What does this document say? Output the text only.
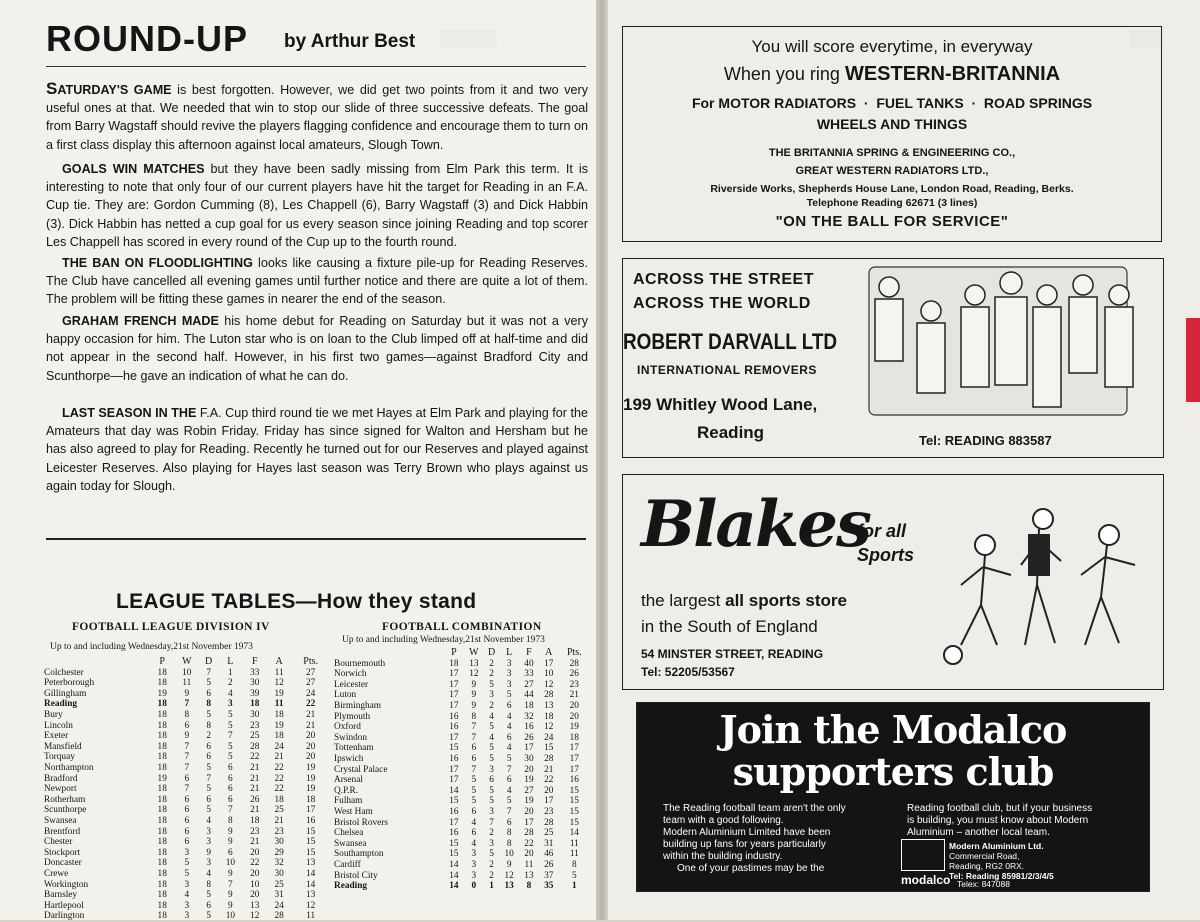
▒▒▒▒▒	▒▒▒
ROUND-UP by Arthur Best
SATURDAY'S GAME is best forgotten. However, we did get two points from it and two very useful ones at that. We needed that win to stop our slide of three successive defeats. The goal from Barry Wagstaff should revive the players flagging confidence and encourage them to turn on a first class display this afternoon against local amateurs, Slough Town.
GOALS WIN MATCHES but they have been sadly missing from Elm Park this term. It is interesting to note that only four of our current players have hit the target for Reading in an F.A. Cup tie. They are: Gordon Cumming (8), Les Chappell (6), Barry Wagstaff (3) and Dick Habbin (3). Dick Habbin has netted a cup goal for us every season since joining Reading and top scorer Les Chappell has scored in every round of the Cup up to the fourth round.
THE BAN ON FLOODLIGHTING looks like causing a fixture pile-up for Reading Reserves. The Club have cancelled all evening games until further notice and there are quite a lot of them. The problem will be fitting these games in nearer the end of the season.
GRAHAM FRENCH MADE his home debut for Reading on Saturday but it was not a very happy occasion for him. The Luton star who is on loan to the Club limped off at half-time and did not appear in the second half. However, in his first two games—against Bradford City and Scunthorpe—he gave an indication of what he can do.
LAST SEASON IN THE F.A. Cup third round tie we met Hayes at Elm Park and playing for the Amateurs that day was Robin Friday. Friday has since signed for Walton and Hersham but he has also agreed to play for Reading. Recently he turned out for our Reserves and played against Leicester Reserves. Also playing for Hayes last season was Terry Brown who plays against us again today for Slough.
LEAGUE TABLES—How they stand
FOOTBALL LEAGUE DIVISION IV
Up to and including Wednesday,21st November 1973
FOOTBALL COMBINATION
Up to and including Wednesday,21st November 1973
	P	W	D	L	F	A	Pts.
Colchester	18	10	7	1	33	11	27
Peterborough	18	11	5	2	30	12	27
Gillingham	19	9	6	4	39	19	24
Reading	18	7	8	3	18	11	22
Bury	18	8	5	5	30	18	21
Lincoln	18	6	8	5	23	19	21
Exeter	18	9	2	7	25	18	20
Mansfield	18	7	6	5	28	24	20
Torquay	18	7	6	5	22	21	20
Northampton	18	7	5	6	21	22	19
Bradford	19	6	7	6	21	22	19
Newport	18	7	5	6	21	22	19
Rotherham	18	6	6	6	26	18	18
Scunthorpe	18	6	5	7	21	25	17
Swansea	18	6	4	8	18	21	16
Brentford	18	6	3	9	23	23	15
Chester	18	6	3	9	21	30	15
Stockport	18	3	9	6	20	29	15
Doncaster	18	5	3	10	22	32	13
Crewe	18	5	4	9	20	30	14
Workington	18	3	8	7	10	25	14
Barnsley	18	4	5	9	20	31	13
Hartlepool	18	3	6	9	13	24	12
Darlington	18	3	5	10	12	28	11
	P	W	D	L	F	A	Pts.
Bournemouth	18	13	2	3	40	17	28
Norwich	17	12	2	3	33	10	26
Leicester	17	9	5	3	27	12	23
Luton	17	9	3	5	44	28	21
Birmingham	17	9	2	6	18	13	20
Plymouth	16	8	4	4	32	18	20
Oxford	16	7	5	4	16	12	19
Swindon	17	7	4	6	26	24	18
Tottenham	15	6	5	4	17	15	17
Ipswich	16	6	5	5	30	28	17
Crystal Palace	17	7	3	7	20	21	17
Arsenal	17	5	6	6	19	22	16
Q.P.R.	14	5	5	4	27	20	15
Fulham	15	5	5	5	19	17	15
West Ham	16	6	3	7	20	23	15
Bristol Rovers	17	4	7	6	17	28	15
Chelsea	16	6	2	8	28	25	14
Swansea	15	4	3	8	22	31	11
Southampton	15	3	5	10	20	46	11
Cardiff	14	3	2	9	11	26	8
Bristol City	14	3	2	12	13	37	5
Reading	14	0	1	13	8	35	1
You will score everytime, in everyway
When you ring WESTERN-BRITANNIA
For MOTOR RADIATORS  ·  FUEL TANKS  ·  ROAD SPRINGS
WHEELS AND THINGS
THE BRITANNIA SPRING & ENGINEERING CO.,
GREAT WESTERN RADIATORS LTD.,
Riverside Works, Shepherds House Lane, London Road, Reading, Berks.
Telephone Reading 62671 (3 lines)
"ON THE BALL FOR SERVICE"
ACROSS THE STREET
ACROSS THE WORLD
ROBERT DARVALL LTD
INTERNATIONAL REMOVERS
199 Whitley Wood Lane,
Reading	Tel: READING 883587
Blakes
for all
Sports
the largest all sports store
in the South of England
54 MINSTER STREET, READING
Tel: 52205/53567
Join the Modalco
supporters club
The Reading football team aren't the only
team with a good following.
Modern Aluminium Limited have been
building up fans for years particularly
within the building industry.
One of your pastimes may be the
Reading football club, but if your business
is building, you must know about Modern
Aluminium – another local team.
Modern Aluminium Ltd.
Commercial Road,
Reading, RG2 0RX.
Tel: Reading 85981/2/3/4/5
modalco Telex: 847088
